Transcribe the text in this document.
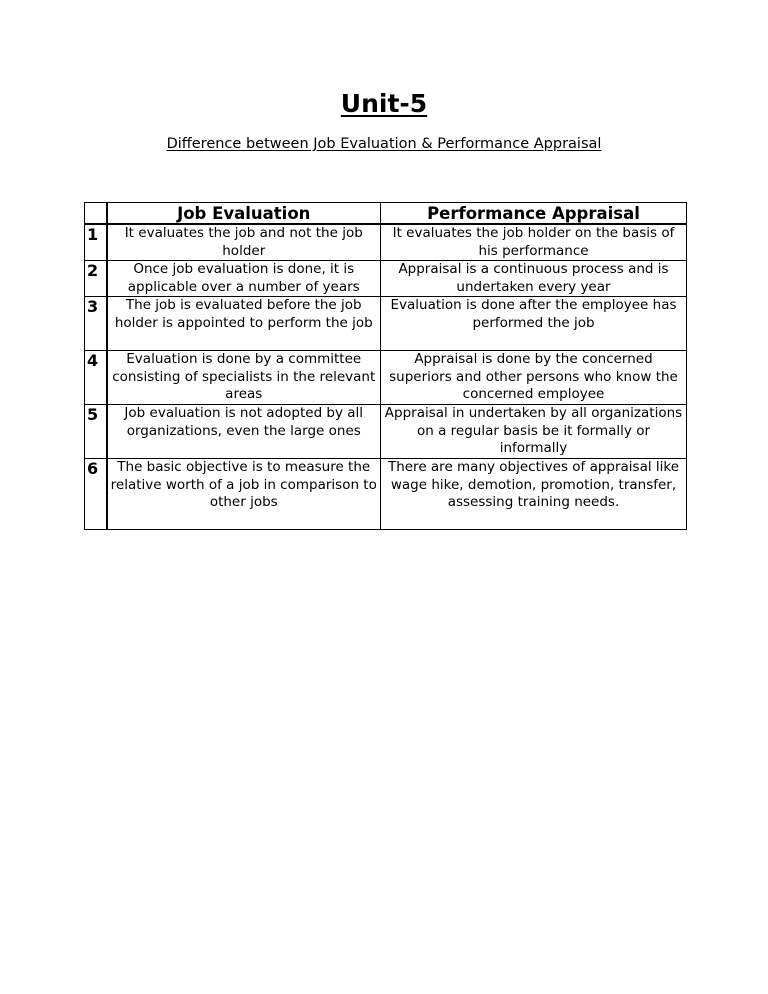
Unit-5
Difference between Job Evaluation & Performance Appraisal
	Job Evaluation	Performance Appraisal
1	It evaluates the job and not the job holder	It evaluates the job holder on the basis of his performance
2	Once job evaluation is done, it is applicable over a number of years	Appraisal is a continuous process and is undertaken every year
3	The job is evaluated before the job holder is appointed to perform the job	Evaluation is done after the employee has performed the job
4	Evaluation is done by a committee consisting of specialists in the relevant areas	Appraisal is done by the concerned superiors and other persons who know the concerned employee
5	Job evaluation is not adopted by all organizations, even the large ones	Appraisal in undertaken by all organizations on a regular basis be it formally or informally
6	The basic objective is to measure the relative worth of a job in comparison to other jobs	There are many objectives of appraisal like wage hike, demotion, promotion, transfer, assessing training needs.
